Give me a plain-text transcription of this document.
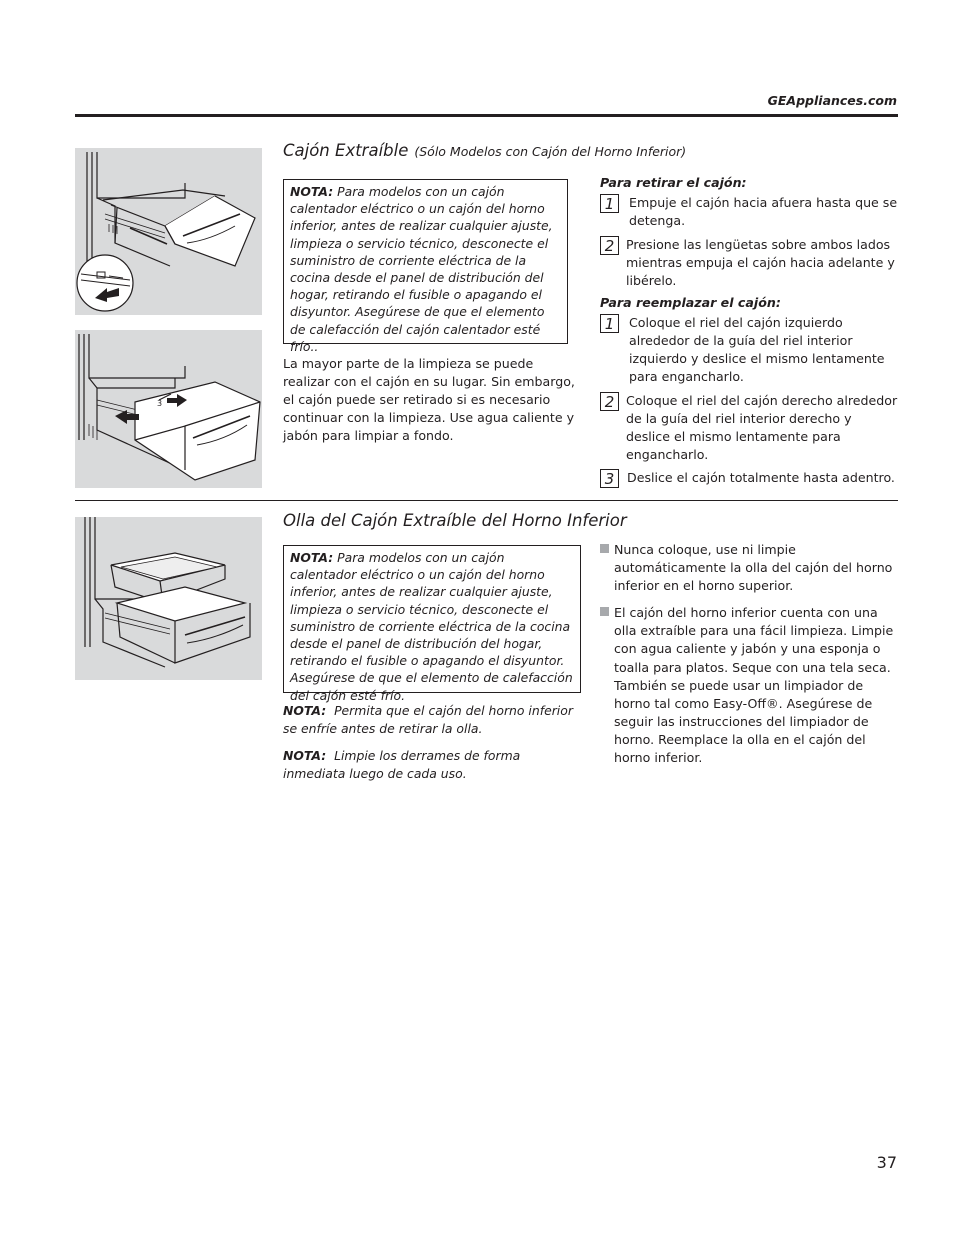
GEAppliances.com
3
Cajón Extraíble (Sólo Modelos con Cajón del Horno Inferior)
NOTA: Para modelos con un cajón calentador eléctrico o un cajón del horno inferior, antes de realizar cualquier ajuste, limpieza o servicio técnico, desconecte el suministro de corriente eléctrica de la cocina desde el panel de distribución del hogar, retirando el fusible o apagando el disyuntor. Asegúrese de que el elemento de calefacción del cajón calentador esté frío..
La mayor parte de la limpieza se puede realizar con el cajón en su lugar. Sin embargo, el cajón puede ser retirado si es necesario continuar con la limpieza. Use agua caliente y jabón para limpiar a fondo.
Para retirar el cajón:
1	Empuje el cajón hacia afuera hasta que se detenga.
2 Presione las lengüetas sobre ambos lados mientras empuja el cajón hacia adelante y libérelo.
Para reemplazar el cajón:
1	Coloque el riel del cajón izquierdo alrededor de la guía del riel interior izquierdo y deslice el mismo lentamente para engancharlo.
2 Coloque el riel del cajón derecho alrededor de la guía del riel interior derecho y deslice el mismo lentamente para engancharlo.
3	Deslice el cajón totalmente hasta adentro.
Olla del Cajón Extraíble del Horno Inferior
NOTA: Para modelos con un cajón calentador eléctrico o un cajón del horno inferior, antes de realizar cualquier ajuste, limpieza o servicio técnico, desconecte el suministro de corriente eléctrica de la cocina desde el panel de distribución del hogar, retirando el fusible o apagando el disyuntor. Asegúrese de que el elemento de calefacción del cajón esté frío.
NOTA: Permita que el cajón del horno inferior se enfríe antes de retirar la olla.
NOTA: Limpie los derrames de forma inmediata luego de cada uso.
Nunca coloque, use ni limpie automáticamente la olla del cajón del horno inferior en el horno superior.
El cajón del horno inferior cuenta con una olla extraíble para una fácil limpieza. Limpie con agua caliente y jabón y una esponja o toalla para platos. Seque con una tela seca. También se puede usar un limpiador de horno tal como Easy-Off®. Asegúrese de seguir las instrucciones del limpiador de horno. Reemplace la olla en el cajón del horno inferior.
37
